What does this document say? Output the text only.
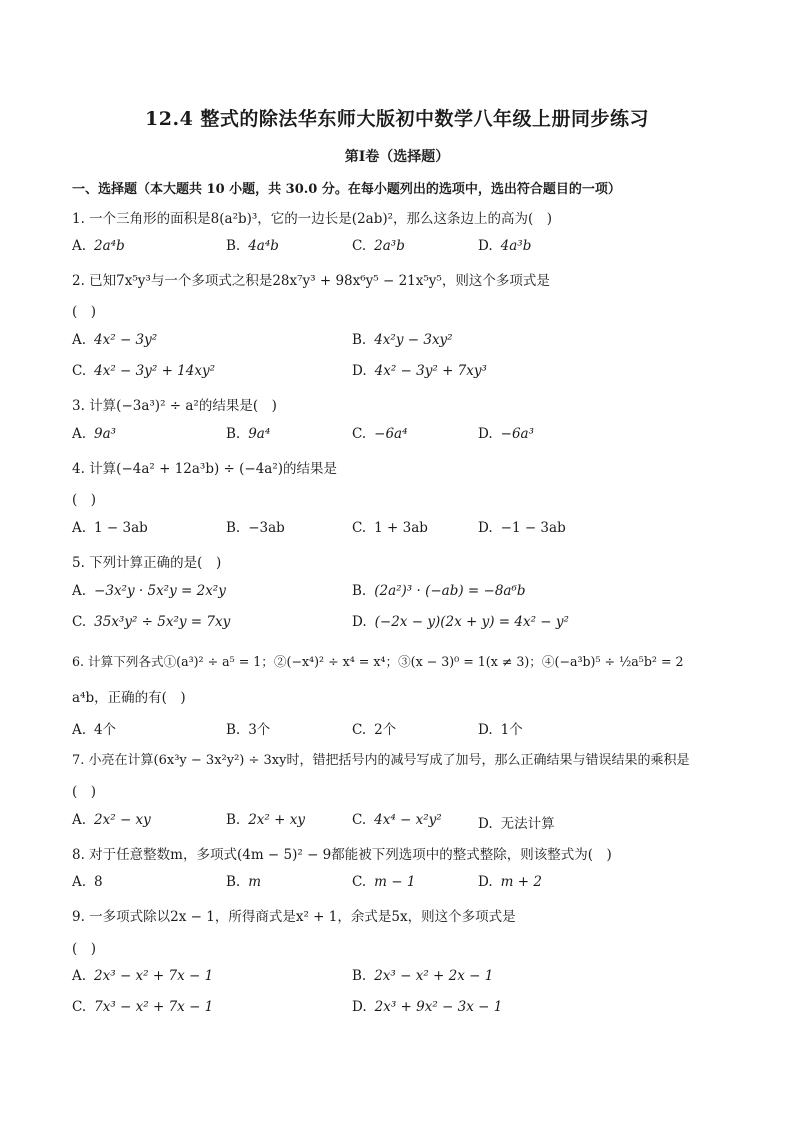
12.4 整式的除法华东师大版初中数学八年级上册同步练习
第Ⅰ卷（选择题）
一、选择题（本大题共 10 小题，共 30.0 分。在每小题列出的选项中，选出符合题目的一项）
1. 一个三角形的面积是8(a²b)³，它的一边长是(2ab)²，那么这条边上的高为(　)
A. 2a⁴b	B. 4a⁴b	C. 2a³b	D. 4a³b
2. 已知7x⁵y³与一个多项式之积是28x⁷y³ + 98x⁶y⁵ − 21x⁵y⁵，则这个多项式是
(　)
A. 4x² − 3y²	B. 4x²y − 3xy²
C. 4x² − 3y² + 14xy²	D. 4x² − 3y² + 7xy³
3. 计算(−3a³)² ÷ a²的结果是(　)
A. 9a³	B. 9a⁴	C. −6a⁴	D. −6a³
4. 计算(−4a² + 12a³b) ÷ (−4a²)的结果是
(　)
A. 1 − 3ab	B. −3ab	C. 1 + 3ab	D. −1 − 3ab
5. 下列计算正确的是(　)
A. −3x²y · 5x²y = 2x²y	B. (2a²)³ · (−ab) = −8a⁶b
C. 35x³y² ÷ 5x²y = 7xy	D. (−2x − y)(2x + y) = 4x² − y²
6. 计算下列各式①(a³)² ÷ a⁵ = 1；②(−x⁴)² ÷ x⁴ = x⁴；③(x − 3)⁰ = 1(x ≠ 3)；④(−a³b)⁵ ÷ ½a⁵b² = 2
a⁴b，正确的有(　)
A. 4个	B. 3个	C. 2个	D. 1个
7. 小亮在计算(6x³y − 3x²y²) ÷ 3xy时，错把括号内的减号写成了加号，那么正确结果与错误结果的乘积是
(　)
A. 2x² − xy	B. 2x² + xy	C. 4x⁴ − x²y²	D. 无法计算
8. 对于任意整数m，多项式(4m − 5)² − 9都能被下列选项中的整式整除，则该整式为(　)
A. 8	B. m	C. m − 1	D. m + 2
9. 一多项式除以2x − 1，所得商式是x² + 1，余式是5x，则这个多项式是
(　)
A. 2x³ − x² + 7x − 1	B. 2x³ − x² + 2x − 1
C. 7x³ − x² + 7x − 1	D. 2x³ + 9x² − 3x − 1
